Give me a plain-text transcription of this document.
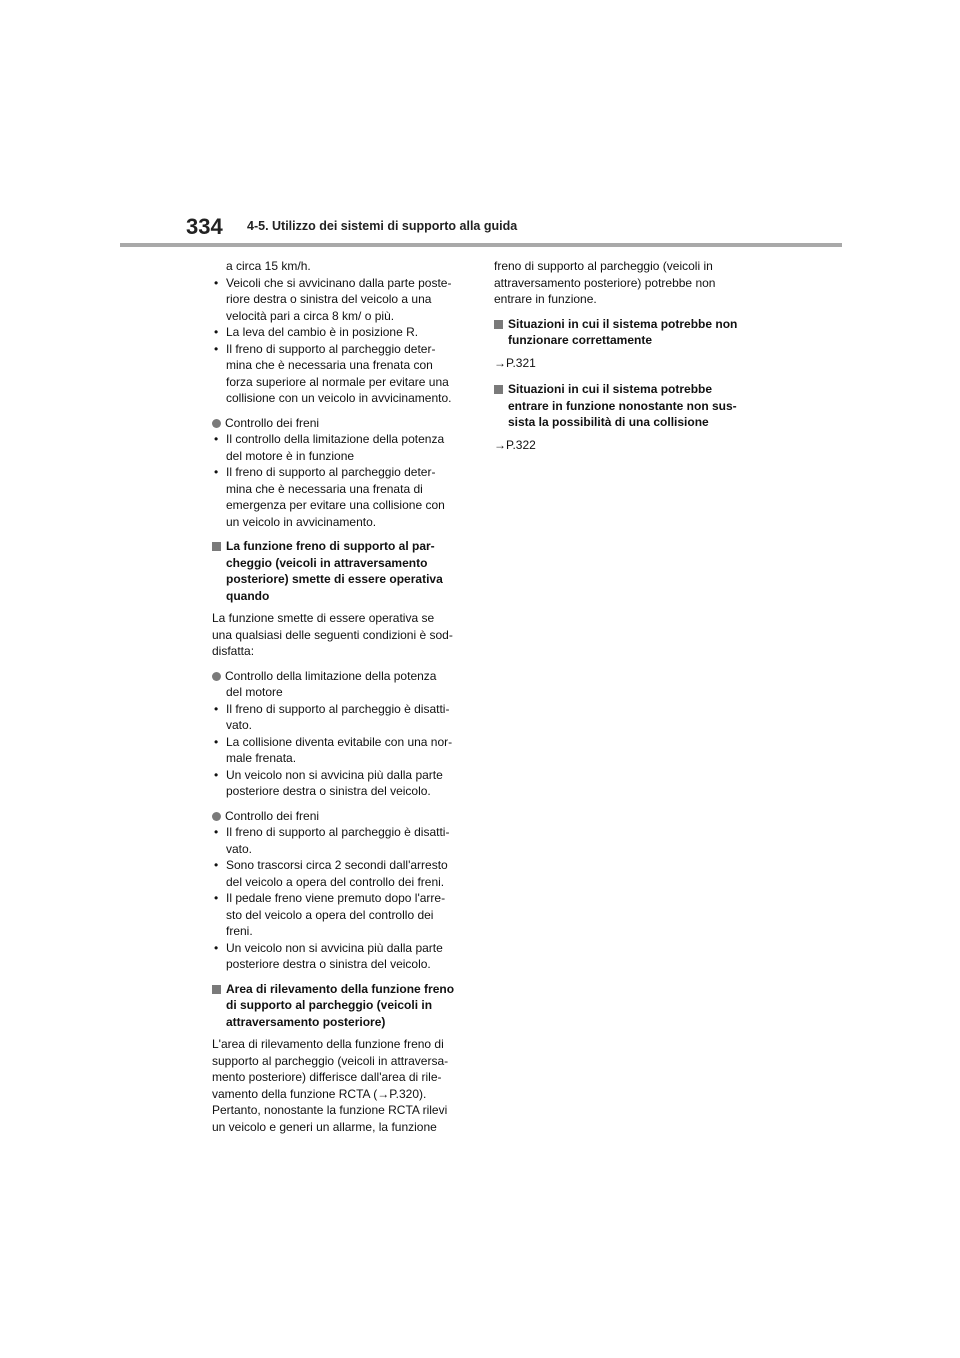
334 4-5. Utilizzo dei sistemi di supporto alla guida
a circa 15 km/h.
• Veicoli che si avvicinano dalla parte poste-
riore destra o sinistra del veicolo a una
velocità pari a circa 8 km/ o più.
• La leva del cambio è in posizione R.
• Il freno di supporto al parcheggio deter-
mina che è necessaria una frenata con
forza superiore al normale per evitare una
collisione con un veicolo in avvicinamento.
Controllo dei freni
• Il controllo della limitazione della potenza
del motore è in funzione
• Il freno di supporto al parcheggio deter-
mina che è necessaria una frenata di
emergenza per evitare una collisione con
un veicolo in avvicinamento.
La funzione freno di supporto al par-
cheggio (veicoli in attraversamento
posteriore) smette di essere operativa
quando
La funzione smette di essere operativa se
una qualsiasi delle seguenti condizioni è sod-
disfatta:
Controllo della limitazione della potenza
del motore
• Il freno di supporto al parcheggio è disatti-
vato.
• La collisione diventa evitabile con una nor-
male frenata.
• Un veicolo non si avvicina più dalla parte
posteriore destra o sinistra del veicolo.
Controllo dei freni
• Il freno di supporto al parcheggio è disatti-
vato.
• Sono trascorsi circa 2 secondi dall'arresto
del veicolo a opera del controllo dei freni.
• Il pedale freno viene premuto dopo l'arre-
sto del veicolo a opera del controllo dei
freni.
• Un veicolo non si avvicina più dalla parte
posteriore destra o sinistra del veicolo.
Area di rilevamento della funzione freno
di supporto al parcheggio (veicoli in
attraversamento posteriore)
L'area di rilevamento della funzione freno di
supporto al parcheggio (veicoli in attraversa-
mento posteriore) differisce dall'area di rile-
vamento della funzione RCTA (→P.320).
Pertanto, nonostante la funzione RCTA rilevi
un veicolo e generi un allarme, la funzione
freno di supporto al parcheggio (veicoli in
attraversamento posteriore) potrebbe non
entrare in funzione.
Situazioni in cui il sistema potrebbe non
funzionare correttamente
→P.321
Situazioni in cui il sistema potrebbe
entrare in funzione nonostante non sus-
sista la possibilità di una collisione
→P.322
